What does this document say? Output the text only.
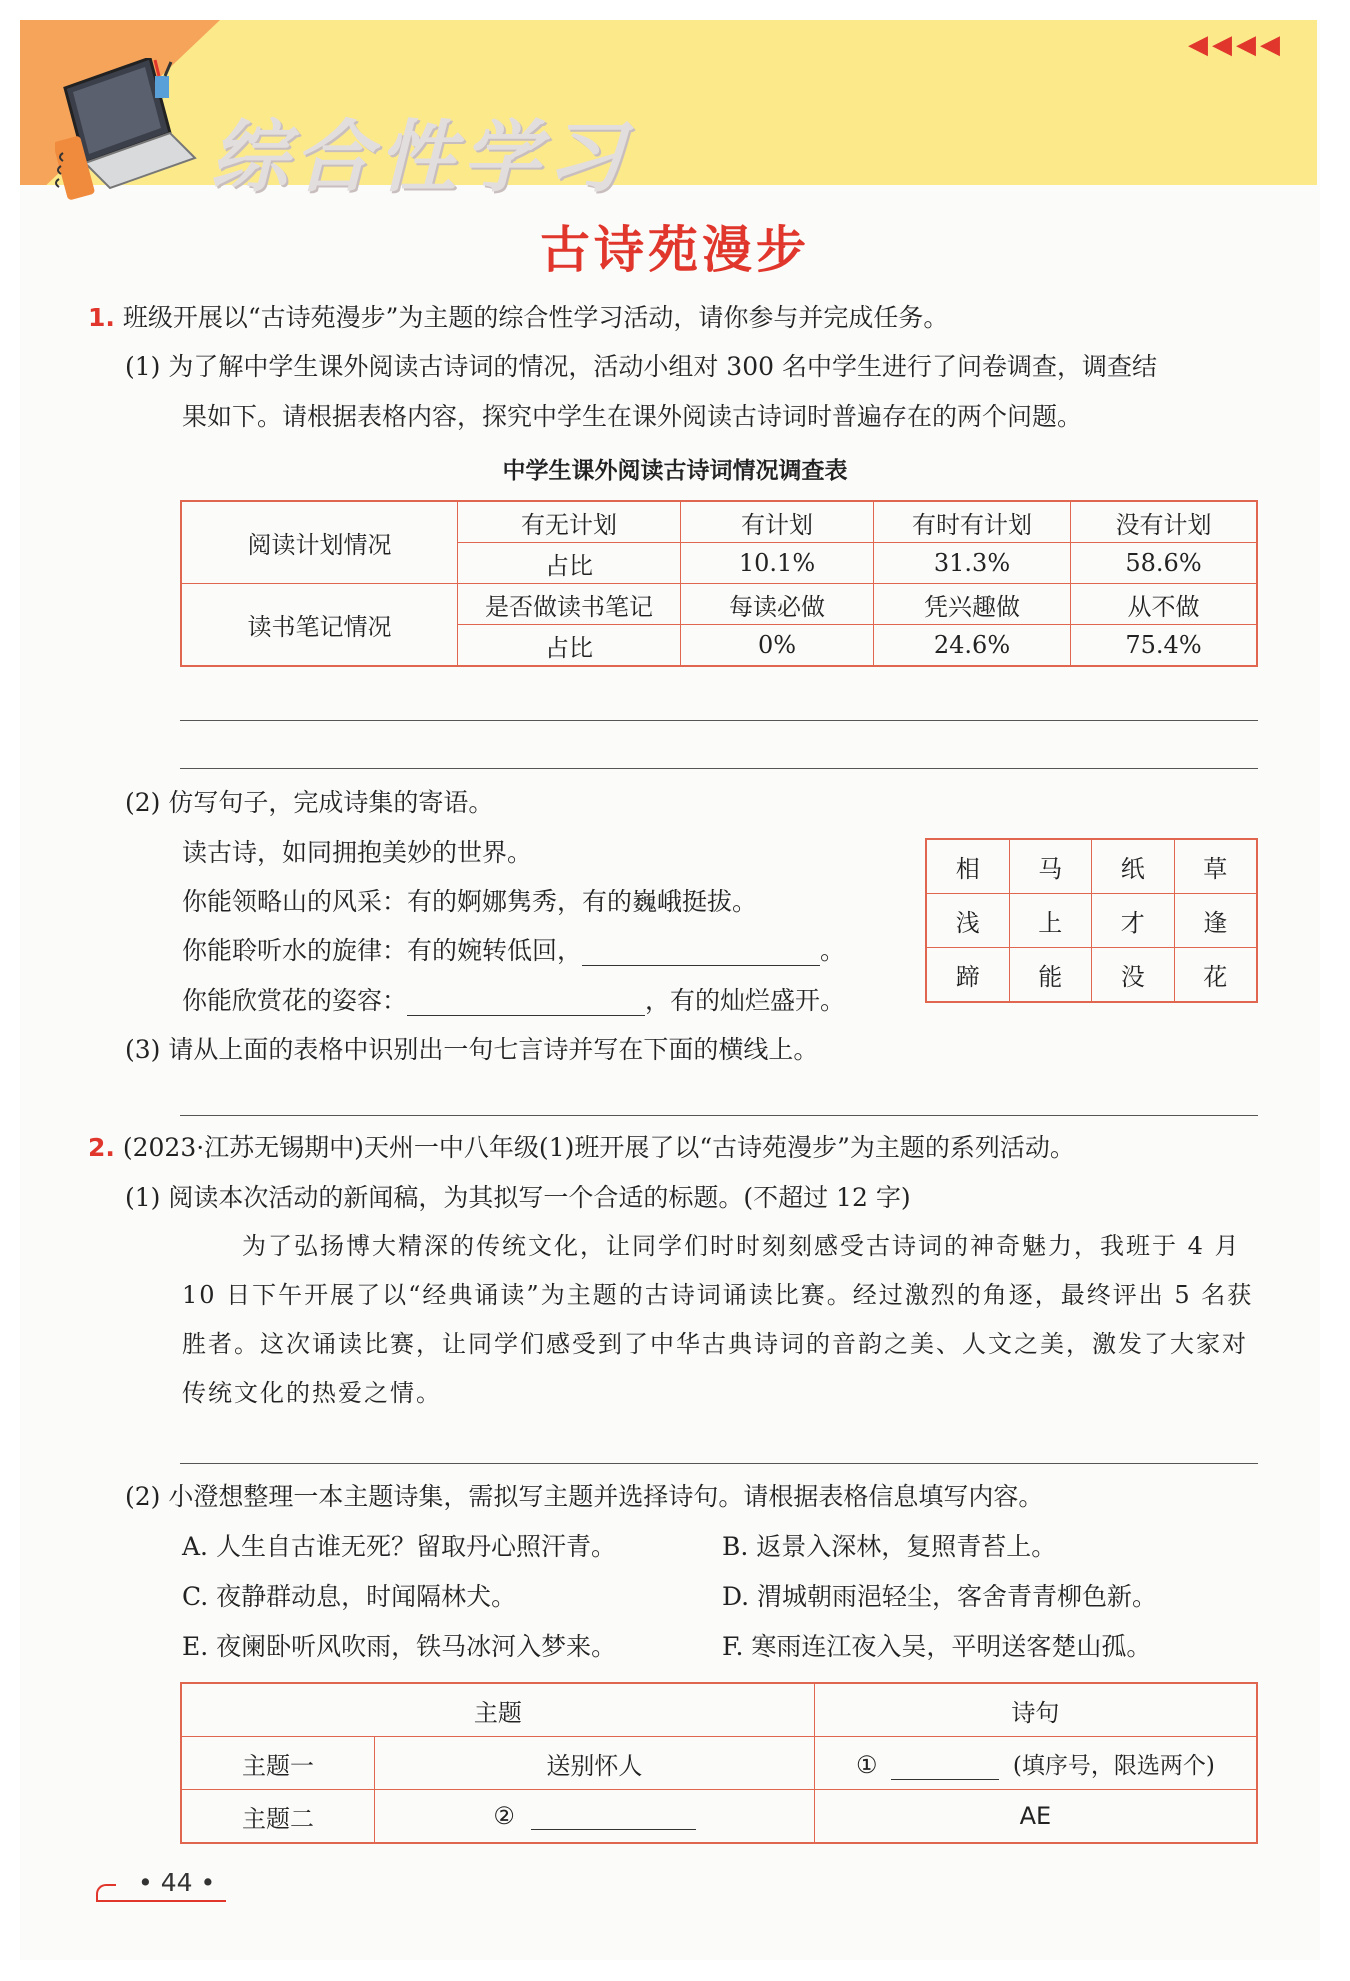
综合性学习
◀◀◀◀
古诗苑漫步
1. 班级开展以“古诗苑漫步”为主题的综合性学习活动，请你参与并完成任务。
(1) 为了解中学生课外阅读古诗词的情况，活动小组对 300 名中学生进行了问卷调查，调查结
果如下。请根据表格内容，探究中学生在课外阅读古诗词时普遍存在的两个问题。
中学生课外阅读古诗词情况调查表
阅读计划情况	有无计划	有计划	有时有计划	没有计划
	占比	10.1%	31.3%	58.6%
读书笔记情况	是否做读书笔记	每读必做	凭兴趣做	从不做
	占比	0%	24.6%	75.4%
(2) 仿写句子，完成诗集的寄语。
读古诗，如同拥抱美妙的世界。
你能领略山的风采：有的婀娜隽秀，有的巍峨挺拔。
你能聆听水的旋律：有的婉转低回，	。
你能欣赏花的姿容：	，有的灿烂盛开。
相	马	纸	草
浅	上	才	逢
蹄	能	没	花
(3) 请从上面的表格中识别出一句七言诗并写在下面的横线上。
2. (2023·江苏无锡期中)天州一中八年级(1)班开展了以“古诗苑漫步”为主题的系列活动。
(1) 阅读本次活动的新闻稿，为其拟写一个合适的标题。(不超过 12 字)
为了弘扬博大精深的传统文化，让同学们时时刻刻感受古诗词的神奇魅力，我班于 4 月 10 日下午开展了以“经典诵读”为主题的古诗词诵读比赛。经过激烈的角逐，最终评出 5 名获胜者。这次诵读比赛，让同学们感受到了中华古典诗词的音韵之美、人文之美，激发了大家对传统文化的热爱之情。
(2) 小澄想整理一本主题诗集，需拟写主题并选择诗句。请根据表格信息填写内容。
A. 人生自古谁无死？留取丹心照汗青。	B. 返景入深林，复照青苔上。
C. 夜静群动息，时闻隔林犬。	D. 渭城朝雨浥轻尘，客舍青青柳色新。
E. 夜阑卧听风吹雨，铁马冰河入梦来。	F. 寒雨连江夜入吴，平明送客楚山孤。
主题		诗句
主题一	送别怀人	① (填序号，限选两个)
主题二	②	AE
• 44 •
